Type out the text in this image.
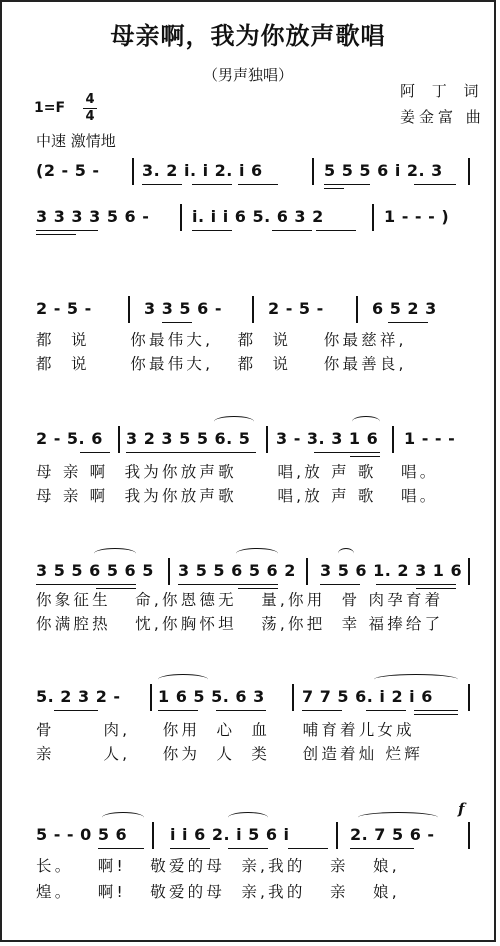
母亲啊，我为你放声歌唱
（男声独唱）
1=F
4
4
阿 丁 词
姜金富 曲
中速 激情地
(2 - 5 -	3. 2 i. i 2. i 6	5 5 5 6 i 2. 3
3 3 3 3 5 6 -	i. i i 6 5. 6 3 2	1 - - - )
2 - 5 -	3 3 5 6 -	2 - 5 -	6 5 2 3
都  说     你最伟大,   都  说    你最慈祥,
都  说     你最伟大,   都  说    你最善良,
2 - 5. 6 3 2 3 5 5 6. 5 3 - 3. 3 1 6 1 - - -
母 亲 啊  我为你放声歌     唱,放 声 歌   唱。
母 亲 啊  我为你放声歌     唱,放 声 歌   唱。
3 5 5 6 5 6 5 3 5 5 6 5 6 2 3 5 6 1. 2 3 1 6
你象征生   命,你恩德无   量,你用  骨 肉孕育着
你满腔热   忱,你胸怀坦   荡,你把  幸 福捧给了
5. 2 3 2 - 1 6 5 5. 6 3 7 7 5 6. i 2 i 6
骨      肉,    你用  心  血    哺育着儿女成
亲      人,    你为  人  类    创造着灿 烂辉
5 - - 0 5 6	i i 6 2. i 5 6 i	2. 7 5 6 -
f
长。   啊!   敬爱的母  亲,我的   亲   娘,
煌。   啊!   敬爱的母  亲,我的   亲   娘,
